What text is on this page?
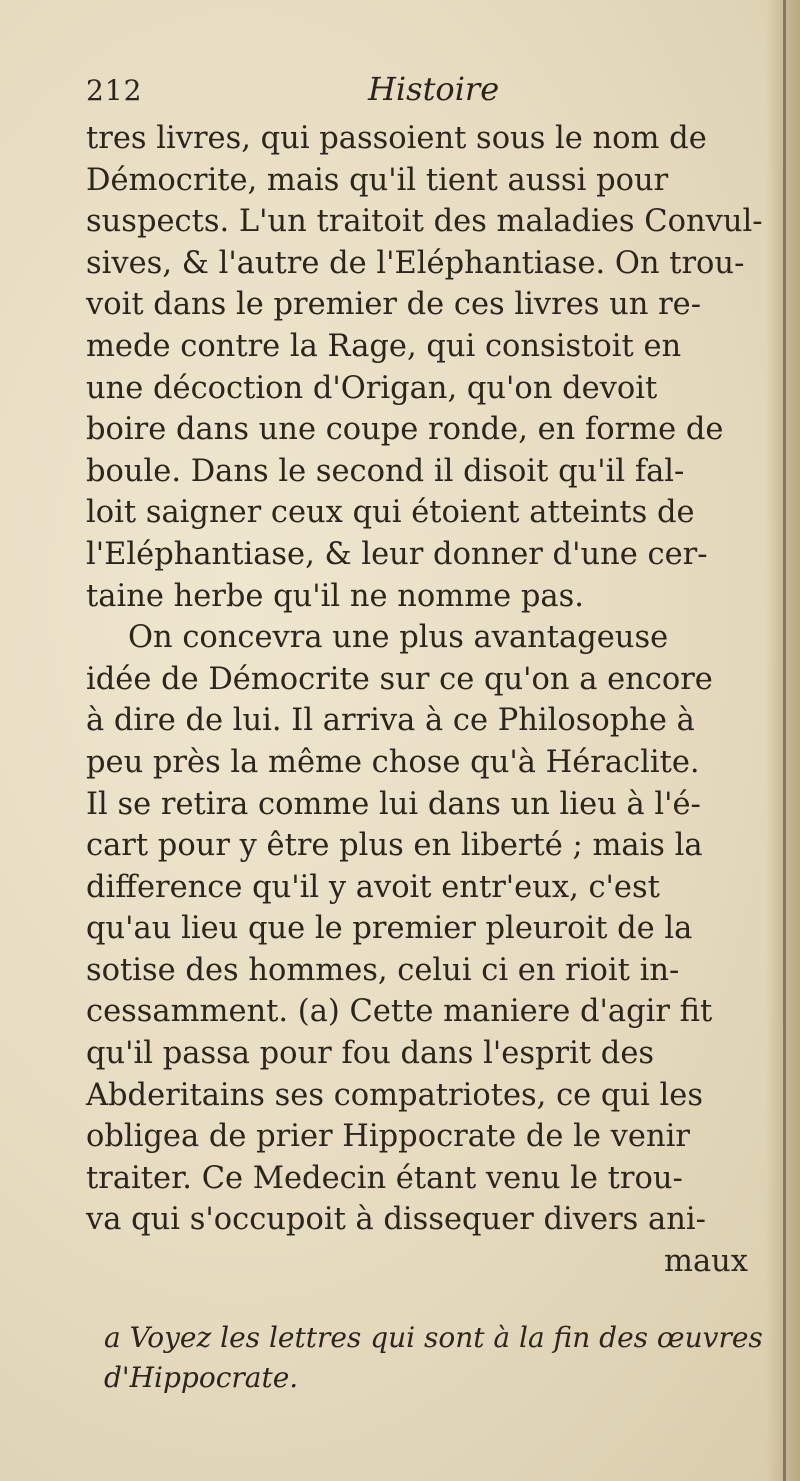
212	Histoire
tres livres, qui passoient sous le nom de
Démocrite, mais qu'il tient aussi pour
suspects. L'un traitoit des maladies Convul-
sives, & l'autre de l'Eléphantiase. On trou-
voit dans le premier de ces livres un re-
mede contre la Rage, qui consistoit en
une décoction d'Origan, qu'on devoit
boire dans une coupe ronde, en forme de
boule. Dans le second il disoit qu'il fal-
loit saigner ceux qui étoient atteints de
l'Eléphantiase, & leur donner d'une cer-
taine herbe qu'il ne nomme pas.
On concevra une plus avantageuse
idée de Démocrite sur ce qu'on a encore
à dire de lui. Il arriva à ce Philosophe à
peu près la même chose qu'à Héraclite.
Il se retira comme lui dans un lieu à l'é-
cart pour y être plus en liberté ; mais la
difference qu'il y avoit entr'eux, c'est
qu'au lieu que le premier pleuroit de la
sotise des hommes, celui ci en rioit in-
cessamment. (a) Cette maniere d'agir fit
qu'il passa pour fou dans l'esprit des
Abderitains ses compatriotes, ce qui les
obligea de prier Hippocrate de le venir
traiter. Ce Medecin étant venu le trou-
va qui s'occupoit à dissequer divers ani-
maux
a Voyez les lettres qui sont à la fin des œuvres
d'Hippocrate.
